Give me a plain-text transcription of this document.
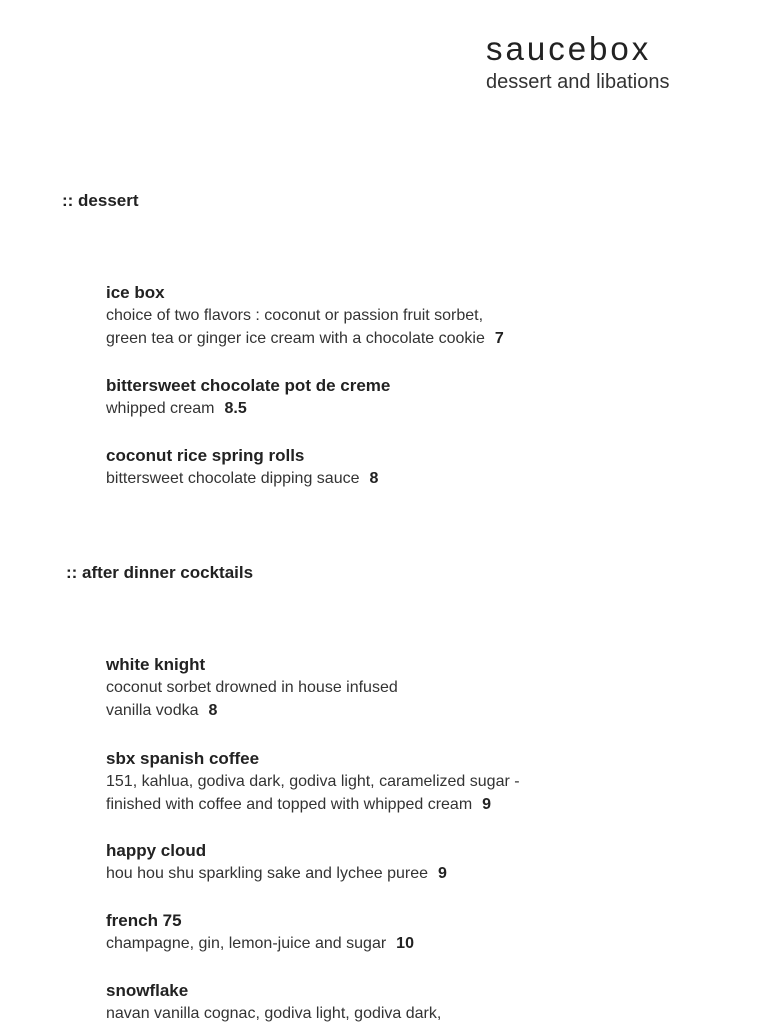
saucebox
dessert and libations
:: dessert
ice box
choice of two flavors : coconut or passion fruit sorbet,
green tea or ginger ice cream with a chocolate cookie 7
bittersweet chocolate pot de creme
whipped cream 8.5
coconut rice spring rolls
bittersweet chocolate dipping sauce 8
:: after dinner cocktails
white knight
coconut sorbet drowned in house infused
vanilla vodka 8
sbx spanish coffee
151, kahlua, godiva dark, godiva light, caramelized sugar -
finished with coffee and topped with whipped cream 9
happy cloud
hou hou shu sparkling sake and lychee puree 9
french 75
champagne, gin, lemon-juice and sugar 10
snowflake
navan vanilla cognac, godiva light, godiva dark,
